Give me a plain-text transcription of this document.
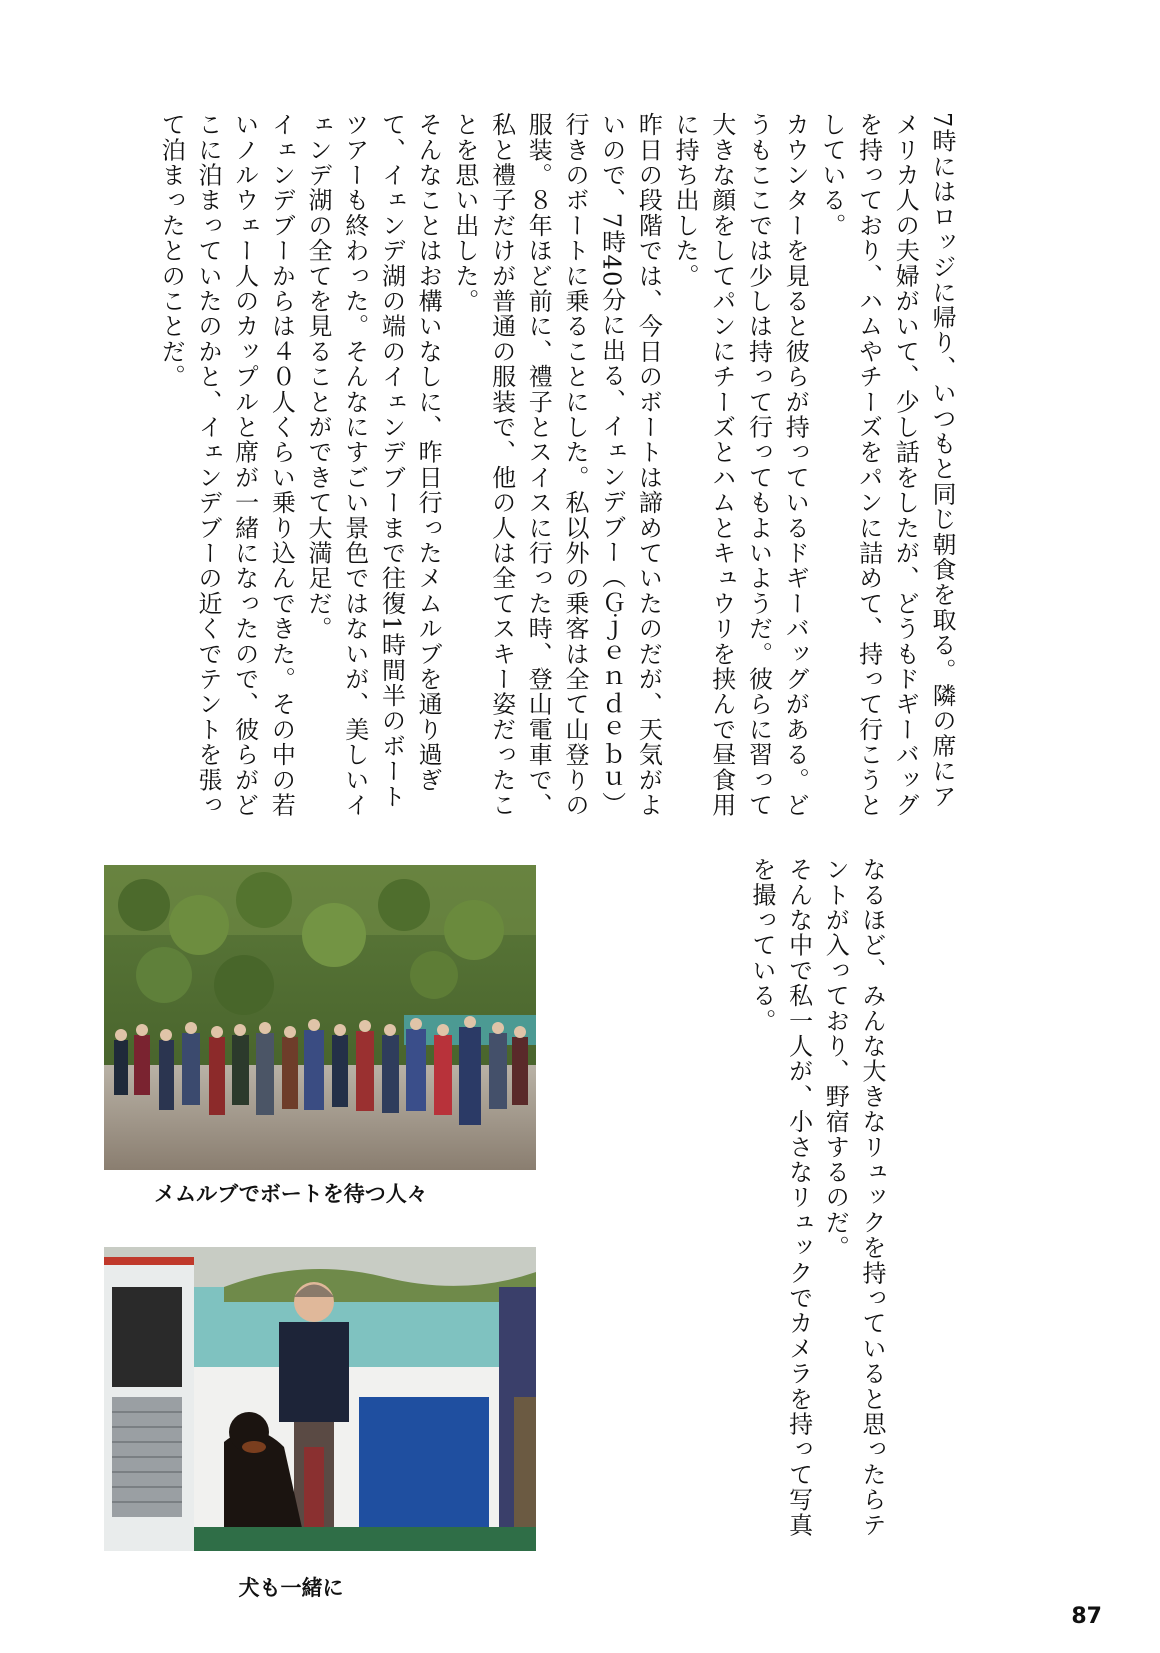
7時にはロッジに帰り、いつもと同じ朝食を取る。隣の席にアメリカ人の夫婦がいて、少し話をしたが、どうもドギーバッグを持っており、ハムやチーズをパンに詰めて、持って行こうとしている。

カウンターを見ると彼らが持っているドギーバッグがある。どうもここでは少しは持って行ってもよいようだ。彼らに習って大きな顔をしてパンにチーズとハムとキュウリを挟んで昼食用に持ち出した。

昨日の段階では、今日のボートは諦めていたのだが、天気がよいので、7時40分に出る、イェンデブー（Ｇｊｅｎｄｅｂｕ）行きのボートに乗ることにした。私以外の乗客は全て山登りの服装。８年ほど前に、禮子とスイスに行った時、登山電車で、私と禮子だけが普通の服装で、他の人は全てスキー姿だったことを思い出した。

そんなことはお構いなしに、昨日行ったメムルブを通り過ぎて、イェンデ湖の端のイェンデブーまで往復1時間半のボートツアーも終わった。そんなにすごい景色ではないが、美しいイェンデ湖の全てを見ることができて大満足だ。

イェンデブーからは４０人くらい乗り込んできた。その中の若いノルウェー人のカップルと席が一緒になったので、彼らがどこに泊まっていたのかと、イェンデブーの近くでテントを張って泊まったとのことだ。

なるほど、みんな大きなリュックを持っていると思ったらテントが入っており、野宿するのだ。

そんな中で私一人が、小さなリュックでカメラを持って写真を撮っている。

メムルブでボートを待つ人々
犬も一緒に
87
